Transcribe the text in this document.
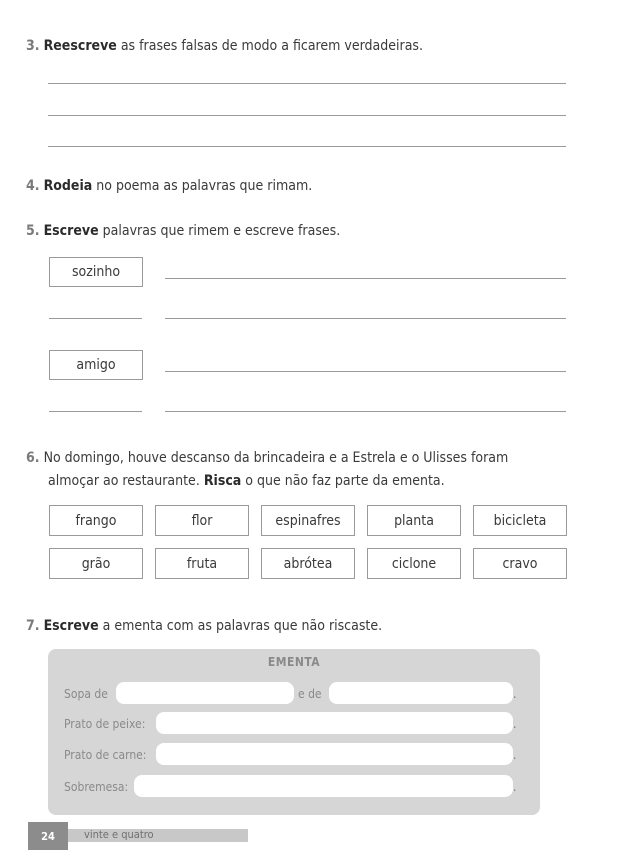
3. Reescreve as frases falsas de modo a ficarem verdadeiras.
4. Rodeia no poema as palavras que rimam.
5. Escreve palavras que rimem e escreve frases.
sozinho
amigo
6. No domingo, houve descanso da brincadeira e a Estrela e o Ulisses foram
almoçar ao restaurante. Risca o que não faz parte da ementa.
frango	flor	espinafres	planta	bicicleta
grão	fruta	abrótea	ciclone	cravo
7. Escreve a ementa com as palavras que não riscaste.
EMENTA
Sopa de	e de	.
Prato de peixe:	.
Prato de carne:	.
Sobremesa:	.
vinte e quatro
24
